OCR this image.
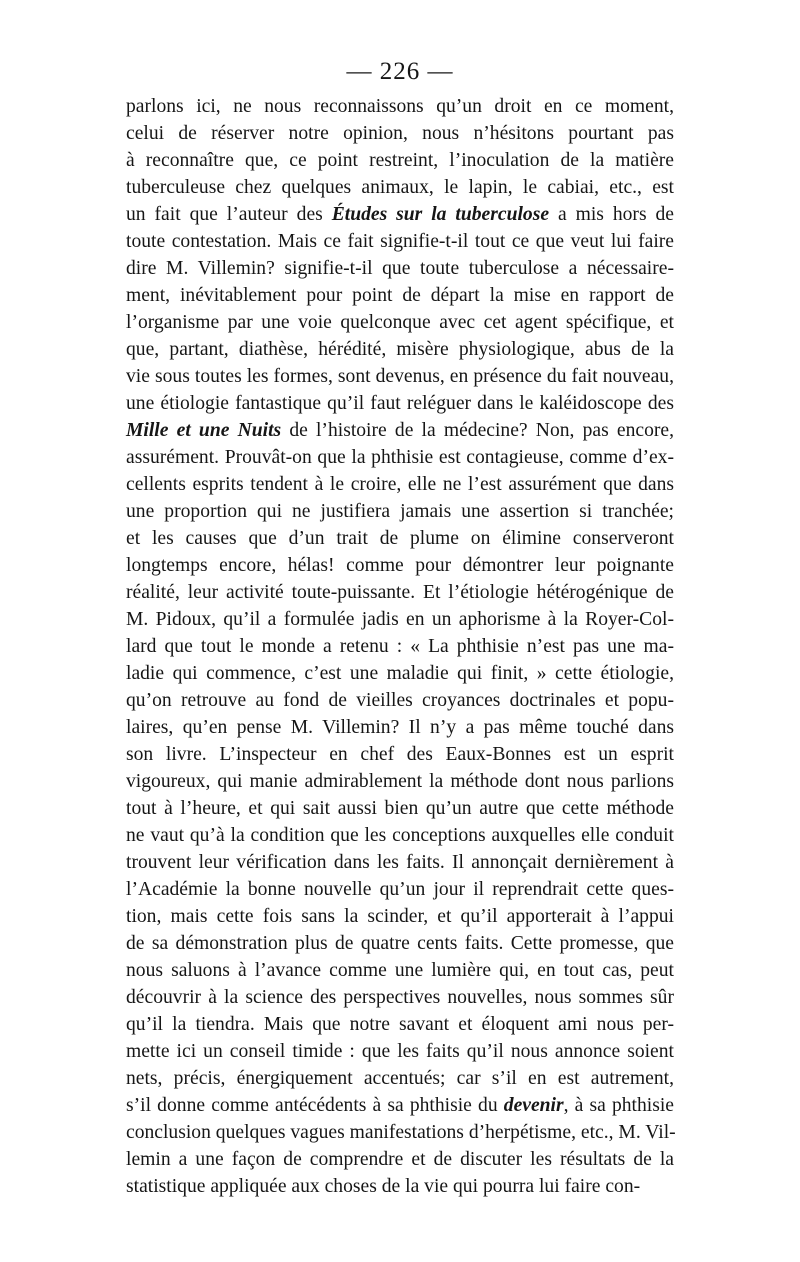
— 226 —
parlons ici, ne nous reconnaissons qu’un droit en ce moment,
celui de réserver notre opinion, nous n’hésitons pourtant pas
à reconnaître que, ce point restreint, l’inoculation de la matière
tuberculeuse chez quelques animaux, le lapin, le cabiai, etc., est
un fait que l’auteur des Études sur la tuberculose a mis hors de
toute contestation. Mais ce fait signifie-t-il tout ce que veut lui faire
dire M. Villemin? signifie-t-il que toute tuberculose a nécessaire-
ment, inévitablement pour point de départ la mise en rapport de
l’organisme par une voie quelconque avec cet agent spécifique, et
que, partant, diathèse, hérédité, misère physiologique, abus de la
vie sous toutes les formes, sont devenus, en présence du fait nouveau,
une étiologie fantastique qu’il faut reléguer dans le kaléidoscope des
Mille et une Nuits de l’histoire de la médecine? Non, pas encore,
assurément. Prouvât-on que la phthisie est contagieuse, comme d’ex-
cellents esprits tendent à le croire, elle ne l’est assurément que dans
une proportion qui ne justifiera jamais une assertion si tranchée;
et les causes que d’un trait de plume on élimine conserveront
longtemps encore, hélas! comme pour démontrer leur poignante
réalité, leur activité toute-puissante. Et l’étiologie hétérogénique de
M. Pidoux, qu’il a formulée jadis en un aphorisme à la Royer-Col-
lard que tout le monde a retenu : « La phthisie n’est pas une ma-
ladie qui commence, c’est une maladie qui finit, » cette étiologie,
qu’on retrouve au fond de vieilles croyances doctrinales et popu-
laires, qu’en pense M. Villemin? Il n’y a pas même touché dans
son livre. L’inspecteur en chef des Eaux-Bonnes est un esprit
vigoureux, qui manie admirablement la méthode dont nous parlions
tout à l’heure, et qui sait aussi bien qu’un autre que cette méthode
ne vaut qu’à la condition que les conceptions auxquelles elle conduit
trouvent leur vérification dans les faits. Il annonçait dernièrement à
l’Académie la bonne nouvelle qu’un jour il reprendrait cette ques-
tion, mais cette fois sans la scinder, et qu’il apporterait à l’appui
de sa démonstration plus de quatre cents faits. Cette promesse, que
nous saluons à l’avance comme une lumière qui, en tout cas, peut
découvrir à la science des perspectives nouvelles, nous sommes sûr
qu’il la tiendra. Mais que notre savant et éloquent ami nous per-
mette ici un conseil timide : que les faits qu’il nous annonce soient
nets, précis, énergiquement accentués; car s’il en est autrement,
s’il donne comme antécédents à sa phthisie du devenir, à sa phthisie
conclusion quelques vagues manifestations d’herpétisme, etc., M. Vil-
lemin a une façon de comprendre et de discuter les résultats de la
statistique appliquée aux choses de la vie qui pourra lui faire con-
